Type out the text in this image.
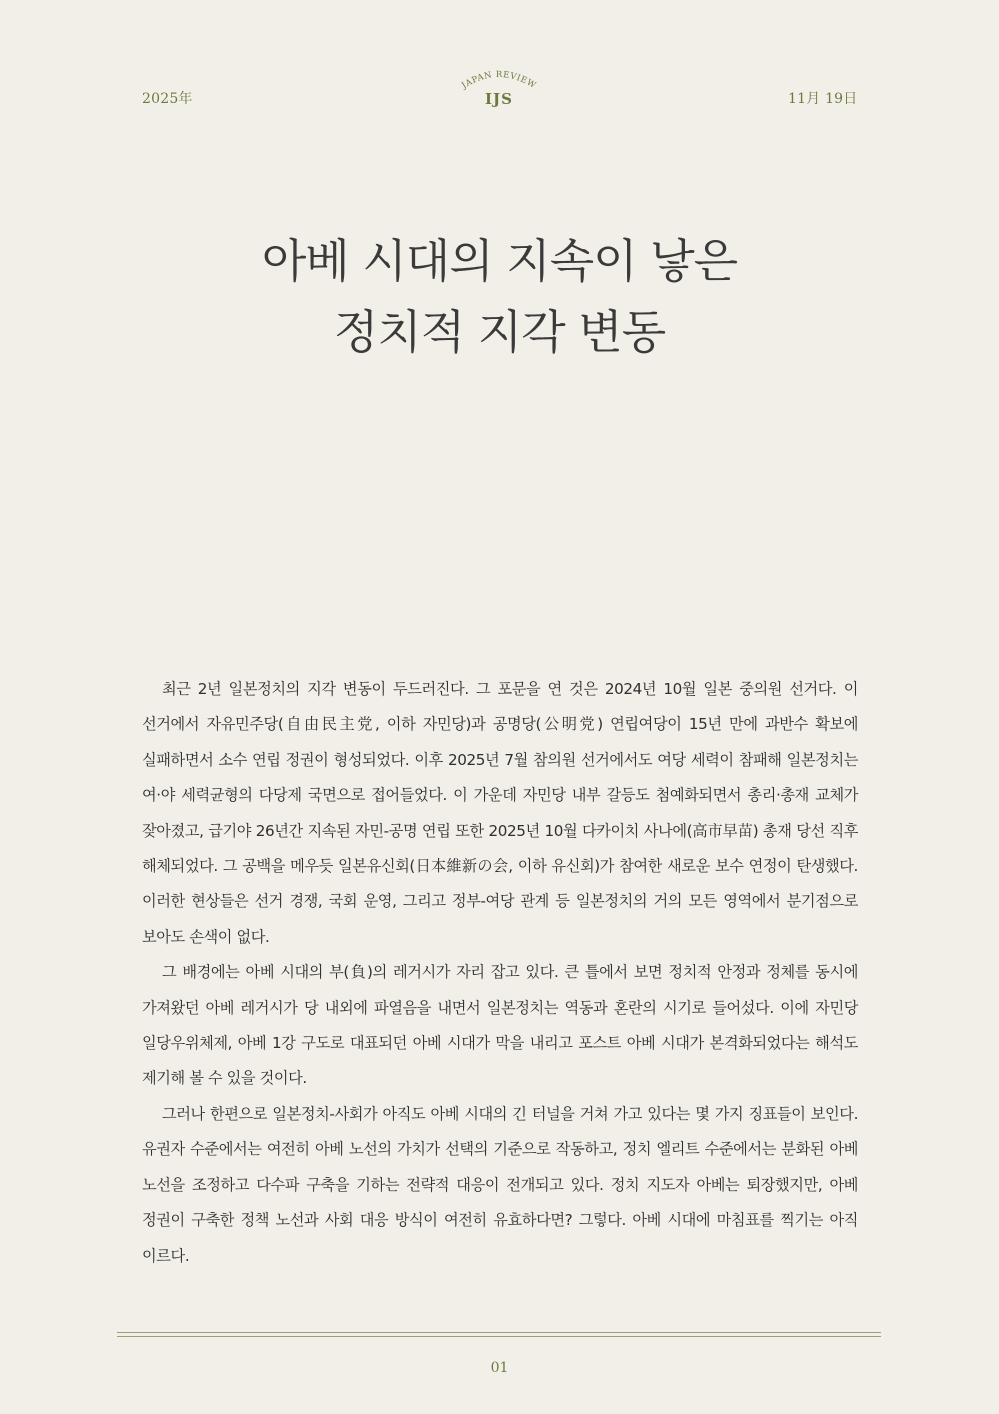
2025年
JAPAN REVIEW
IJS	11月 19日
아베 시대의 지속이 낳은
정치적 지각 변동

최근 2년 일본정치의 지각 변동이 두드러진다. 그 포문을 연 것은 2024년 10월 일본 중의원 선거다. 이 선거에서 자유민주당(自由民主党, 이하 자민당)과 공명당(公明党) 연립여당이 15년 만에 과반수 확보에 실패하면서 소수 연립 정권이 형성되었다. 이후 2025년 7월 참의원 선거에서도 여당 세력이 참패해 일본정치는 여·야 세력균형의 다당제 국면으로 접어들었다. 이 가운데 자민당 내부 갈등도 첨예화되면서 총리·총재 교체가 잦아졌고, 급기야 26년간 지속된 자민-공명 연립 또한 2025년 10월 다카이치 사나에(高市早苗) 총재 당선 직후 해체되었다. 그 공백을 메우듯 일본유신회(日本維新の会, 이하 유신회)가 참여한 새로운 보수 연정이 탄생했다. 이러한 현상들은 선거 경쟁, 국회 운영, 그리고 정부-여당 관계 등 일본정치의 거의 모든 영역에서 분기점으로 보아도 손색이 없다.

그 배경에는 아베 시대의 부(負)의 레거시가 자리 잡고 있다. 큰 틀에서 보면 정치적 안정과 정체를 동시에 가져왔던 아베 레거시가 당 내외에 파열음을 내면서 일본정치는 역동과 혼란의 시기로 들어섰다. 이에 자민당 일당우위체제, 아베 1강 구도로 대표되던 아베 시대가 막을 내리고 포스트 아베 시대가 본격화되었다는 해석도 제기해 볼 수 있을 것이다.

그러나 한편으로 일본정치-사회가 아직도 아베 시대의 긴 터널을 거쳐 가고 있다는 몇 가지 징표들이 보인다. 유권자 수준에서는 여전히 아베 노선의 가치가 선택의 기준으로 작동하고, 정치 엘리트 수준에서는 분화된 아베 노선을 조정하고 다수파 구축을 기하는 전략적 대응이 전개되고 있다. 정치 지도자 아베는 퇴장했지만, 아베 정권이 구축한 정책 노선과 사회 대응 방식이 여전히 유효하다면? 그렇다. 아베 시대에 마침표를 찍기는 아직 이르다.

01
